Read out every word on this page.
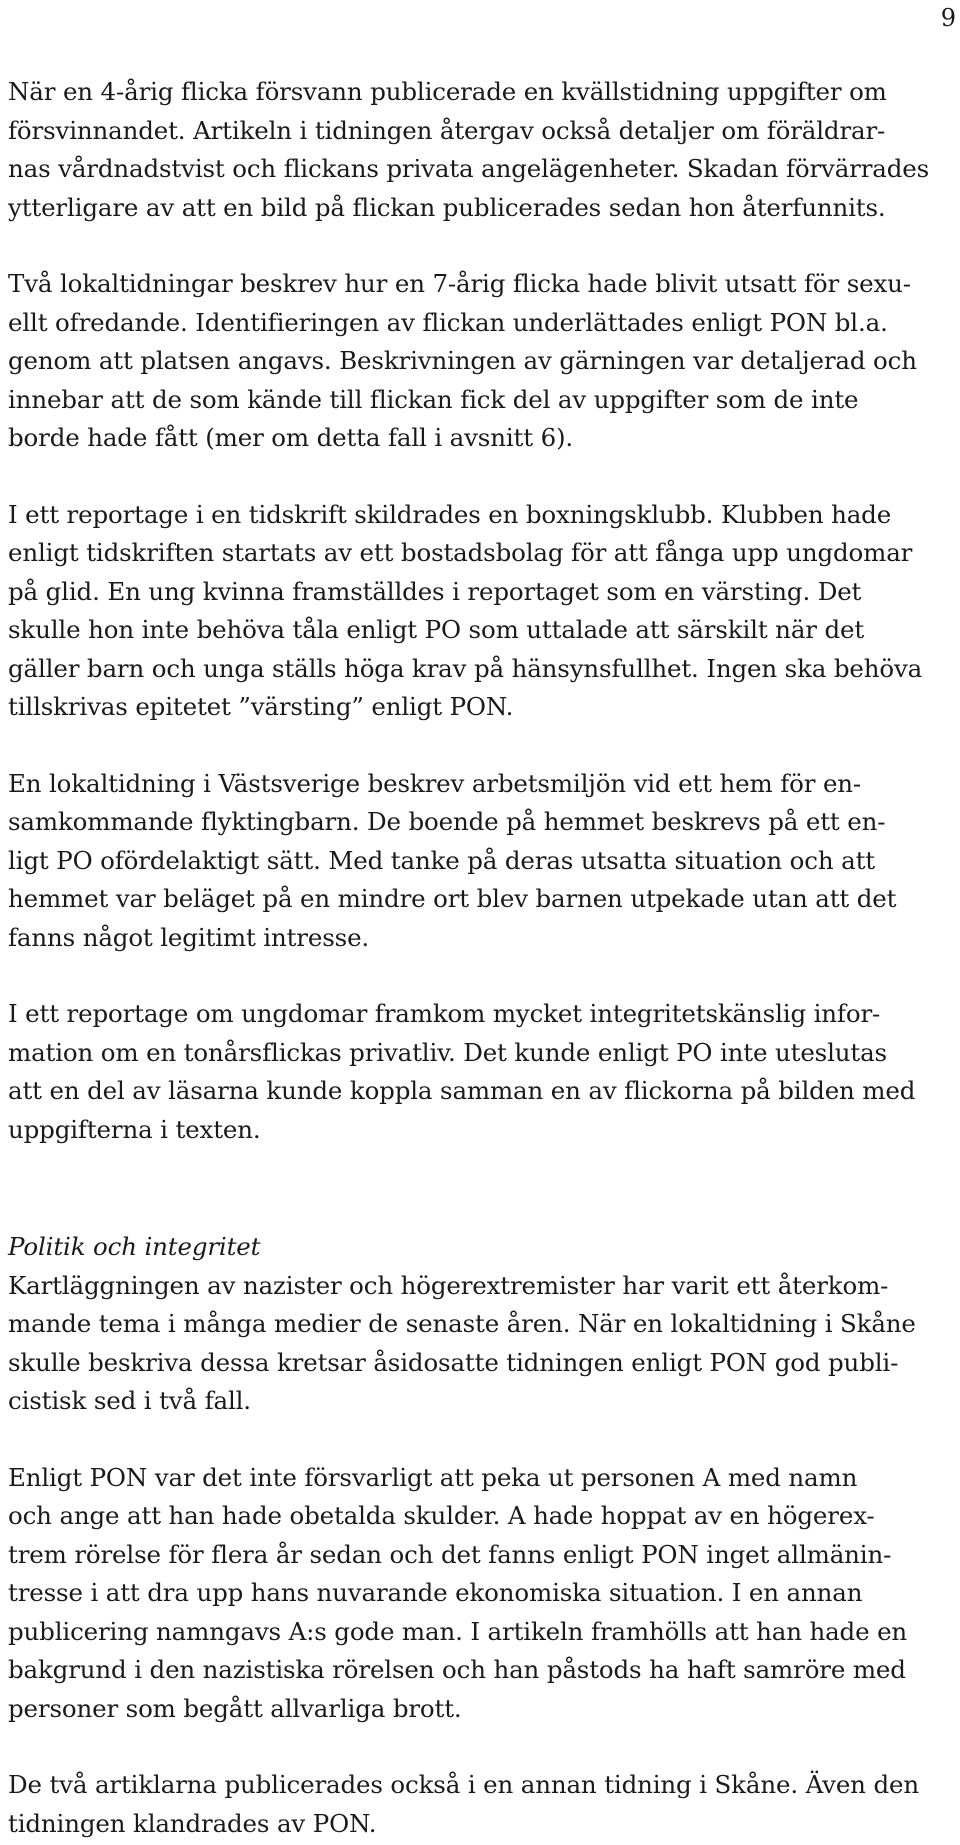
9

När en 4-årig flicka försvann publicerade en kvällstidning uppgifter om

försvinnandet. Artikeln i tidningen återgav också detaljer om föräldrar-

nas vårdnadstvist och flickans privata angelägenheter. Skadan förvärrades

ytterligare av att en bild på flickan publicerades sedan hon återfunnits.

Två lokaltidningar beskrev hur en 7-årig flicka hade blivit utsatt för sexu-

ellt ofredande. Identifieringen av flickan underlättades enligt PON bl.a.

genom att platsen angavs. Beskrivningen av gärningen var detaljerad och

innebar att de som kände till flickan fick del av uppgifter som de inte

borde hade fått (mer om detta fall i avsnitt 6).

I ett reportage i en tidskrift skildrades en boxningsklubb. Klubben hade

enligt tidskriften startats av ett bostadsbolag för att fånga upp ungdomar

på glid. En ung kvinna framställdes i reportaget som en värsting. Det

skulle hon inte behöva tåla enligt PO som uttalade att särskilt när det

gäller barn och unga ställs höga krav på hänsynsfullhet. Ingen ska behöva

tillskrivas epitetet ”värsting” enligt PON.

En lokaltidning i Västsverige beskrev arbetsmiljön vid ett hem för en-

samkommande flyktingbarn. De boende på hemmet beskrevs på ett en-

ligt PO ofördelaktigt sätt. Med tanke på deras utsatta situation och att

hemmet var beläget på en mindre ort blev barnen utpekade utan att det

fanns något legitimt intresse.

I ett reportage om ungdomar framkom mycket integritetskänslig infor-

mation om en tonårsflickas privatliv. Det kunde enligt PO inte uteslutas

att en del av läsarna kunde koppla samman en av flickorna på bilden med

uppgifterna i texten.

Politik och integritet

Kartläggningen av nazister och högerextremister har varit ett återkom-

mande tema i många medier de senaste åren. När en lokaltidning i Skåne

skulle beskriva dessa kretsar åsidosatte tidningen enligt PON god publi-

cistisk sed i två fall.

Enligt PON var det inte försvarligt att peka ut personen A med namn

och ange att han hade obetalda skulder. A hade hoppat av en högerex-

trem rörelse för flera år sedan och det fanns enligt PON inget allmänin-

tresse i att dra upp hans nuvarande ekonomiska situation. I en annan

publicering namngavs A:s gode man. I artikeln framhölls att han hade en

bakgrund i den nazistiska rörelsen och han påstods ha haft samröre med

personer som begått allvarliga brott.

De två artiklarna publicerades också i en annan tidning i Skåne. Även den

tidningen klandrades av PON.
